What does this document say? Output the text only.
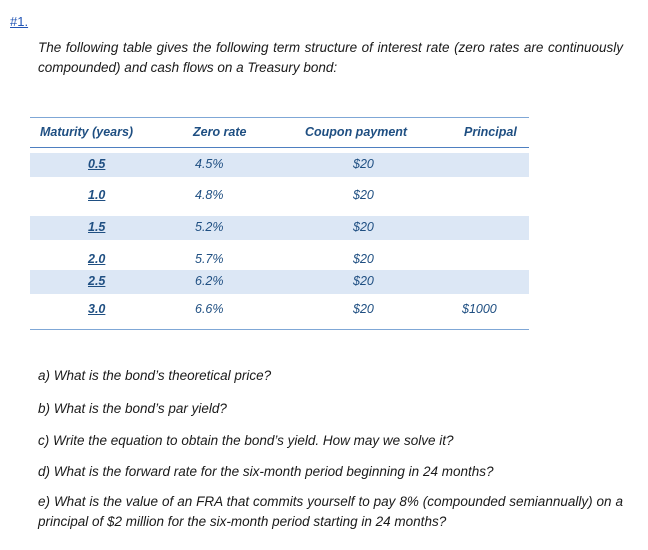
#1.
The following table gives the following term structure of interest rate (zero rates are continuously compounded) and cash flows on a Treasury bond:
Maturity (years)	Zero rate	Coupon payment	Principal
0.5	4.5%	$20
1.0	4.8%	$20
1.5	5.2%	$20
2.0	5.7%	$20
2.5	6.2%	$20
3.0	6.6%	$20	$1000
a) What is the bond’s theoretical price?
b) What is the bond’s par yield?
c) Write the equation to obtain the bond’s yield. How may we solve it?
d) What is the forward rate for the six-month period beginning in 24 months?
e) What is the value of an FRA that commits yourself to pay 8% (compounded semiannually) on a principal of $2 million for the six-month period starting in 24 months?
